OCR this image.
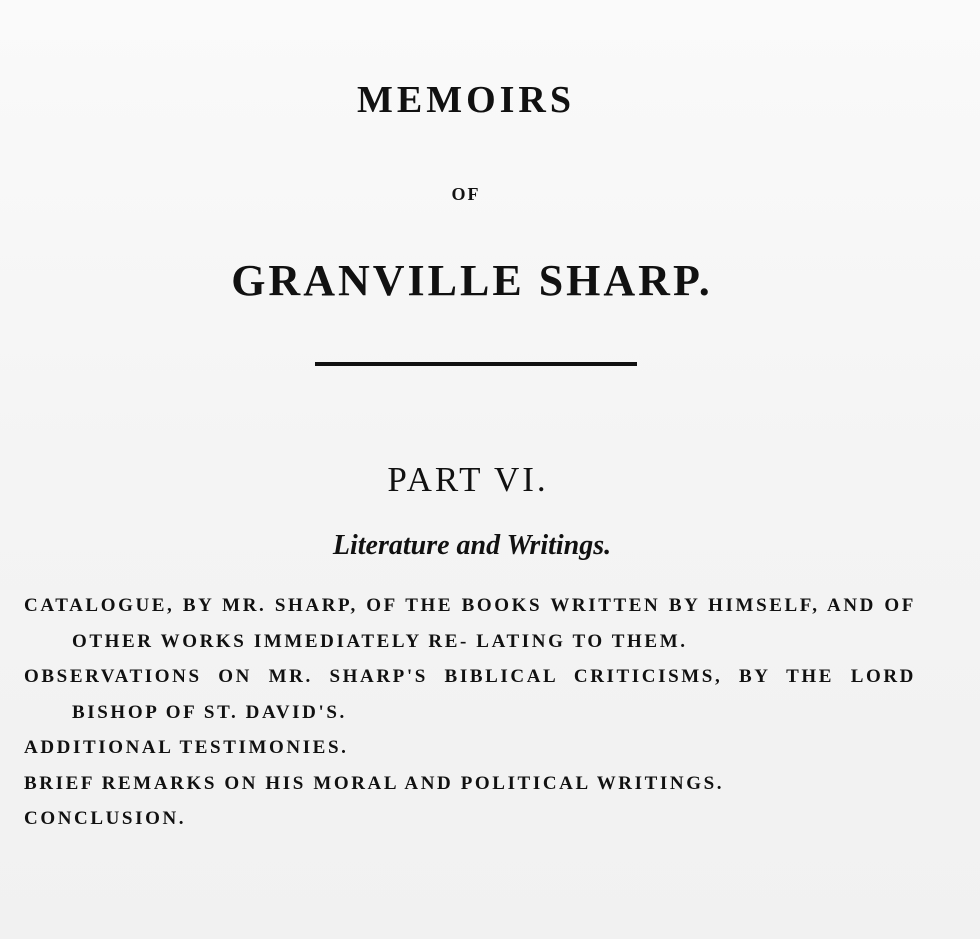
MEMOIRS
OF
GRANVILLE SHARP.
PART VI.
Literature and Writings.
CATALOGUE, BY MR. SHARP, OF THE BOOKS WRITTEN BY HIMSELF, AND OF OTHER WORKS IMMEDIATELY RE- LATING TO THEM.
OBSERVATIONS ON MR. SHARP'S BIBLICAL CRITICISMS, BY THE LORD BISHOP OF ST. DAVID'S.
ADDITIONAL TESTIMONIES.
BRIEF REMARKS ON HIS MORAL AND POLITICAL WRITINGS.
CONCLUSION.
